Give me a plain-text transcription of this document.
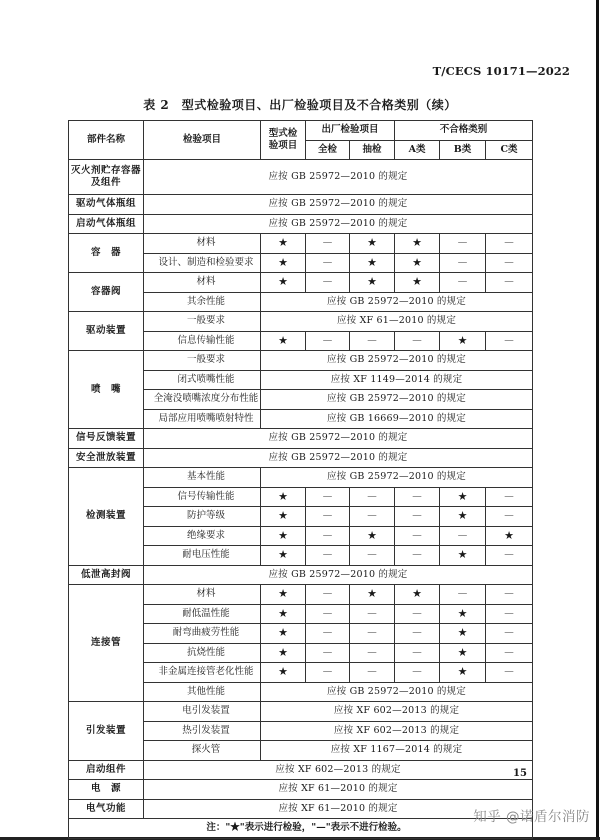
T/CECS 10171—2022
表 2　型式检验项目、出厂检验项目及不合格类别（续）
部件名称	检验项目	型式检验项目	出厂检验项目		不合格类别		
			全检	抽检	A类	B类	C类
灭火剂贮存容器及组件	应按 GB 25972—2010 的规定						
驱动气体瓶组	应按 GB 25972—2010 的规定						
启动气体瓶组	应按 GB 25972—2010 的规定						
容　器	材料	★	—	★	★	—	—
	设计、制造和检验要求	★	—	★	★	—	—
容器阀	材料	★	—	★	★	—	—
	其余性能	应按 GB 25972—2010 的规定					
驱动装置	一般要求	应按 XF 61—2010 的规定					
	信息传输性能	★	—	—	—	★	—
喷　嘴	一般要求	应按 GB 25972—2010 的规定					
	闭式喷嘴性能	应按 XF 1149—2014 的规定					
	全淹没喷嘴浓度分布性能	应按 GB 25972—2010 的规定					
	局部应用喷嘴喷射特性	应按 GB 16669—2010 的规定					
信号反馈装置	应按 GB 25972—2010 的规定						
安全泄放装置	应按 GB 25972—2010 的规定						
检测装置	基本性能	应按 GB 25972—2010 的规定					
	信号传输性能	★	—	—	—	★	—
	防护等级	★	—	—	—	★	—
	绝缘要求	★	—	★	—	—	★
	耐电压性能	★	—	—	—	★	—
低泄高封阀	应按 GB 25972—2010 的规定						
连接管	材料	★	—	★	★	—	—
	耐低温性能	★	—	—	—	★	—
	耐弯曲疲劳性能	★	—	—	—	★	—
	抗烧性能	★	—	—	—	★	—
	非金属连接管老化性能	★	—	—	—	★	—
	其他性能	应按 GB 25972—2010 的规定					
引发装置	电引发装置	应按 XF 602—2013 的规定					
	热引发装置	应按 XF 602—2013 的规定					
	探火管	应按 XF 1167—2014 的规定					
启动组件	应按 XF 602—2013 的规定						
电　源	应按 XF 61—2010 的规定						
电气功能	应按 XF 61—2010 的规定						
注："★"表示进行检验，"—"表示不进行检验。							
15
知乎 @诺盾尔消防
